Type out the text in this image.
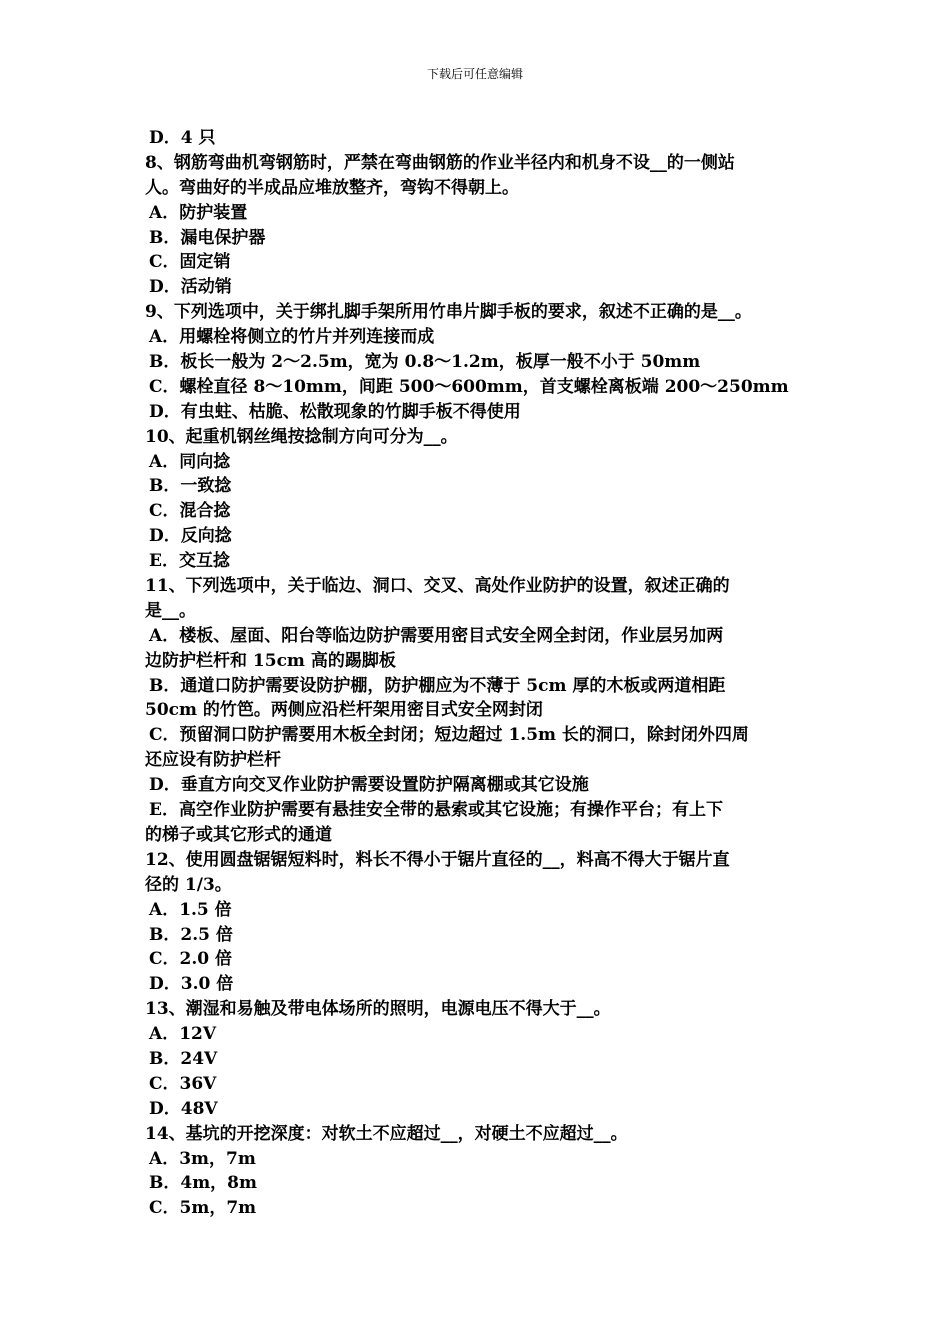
下载后可任意编辑
D．4 只
8、钢筋弯曲机弯钢筋时，严禁在弯曲钢筋的作业半径内和机身不设__的一侧站
人。弯曲好的半成品应堆放整齐，弯钩不得朝上。
A．防护装置
B．漏电保护器
C．固定销
D．活动销
9、下列选项中，关于绑扎脚手架所用竹串片脚手板的要求，叙述不正确的是__。
A．用螺栓将侧立的竹片并列连接而成
B．板长一般为 2～2.5m，宽为 0.8～1.2m，板厚一般不小于 50mm
C．螺栓直径 8～10mm，间距 500～600mm，首支螺栓离板端 200～250mm
D．有虫蛀、枯脆、松散现象的竹脚手板不得使用
10、起重机钢丝绳按捻制方向可分为__。
A．同向捻
B．一致捻
C．混合捻
D．反向捻
E．交互捻
11、下列选项中，关于临边、洞口、交叉、高处作业防护的设置，叙述正确的
是__。
A．楼板、屋面、阳台等临边防护需要用密目式安全网全封闭，作业层另加两
边防护栏杆和 15cm 高的踢脚板
B．通道口防护需要设防护棚，防护棚应为不薄于 5cm 厚的木板或两道相距
50cm 的竹笆。两侧应沿栏杆架用密目式安全网封闭
C．预留洞口防护需要用木板全封闭；短边超过 1.5m 长的洞口，除封闭外四周
还应设有防护栏杆
D．垂直方向交叉作业防护需要设置防护隔离棚或其它设施
E．高空作业防护需要有悬挂安全带的悬索或其它设施；有操作平台；有上下
的梯子或其它形式的通道
12、使用圆盘锯锯短料时，料长不得小于锯片直径的__，料高不得大于锯片直
径的 1/3。
A．1.5 倍
B．2.5 倍
C．2.0 倍
D．3.0 倍
13、潮湿和易触及带电体场所的照明，电源电压不得大于__。
A．12V
B．24V
C．36V
D．48V
14、基坑的开挖深度：对软土不应超过__，对硬土不应超过__。
A．3m，7m
B．4m，8m
C．5m，7m
